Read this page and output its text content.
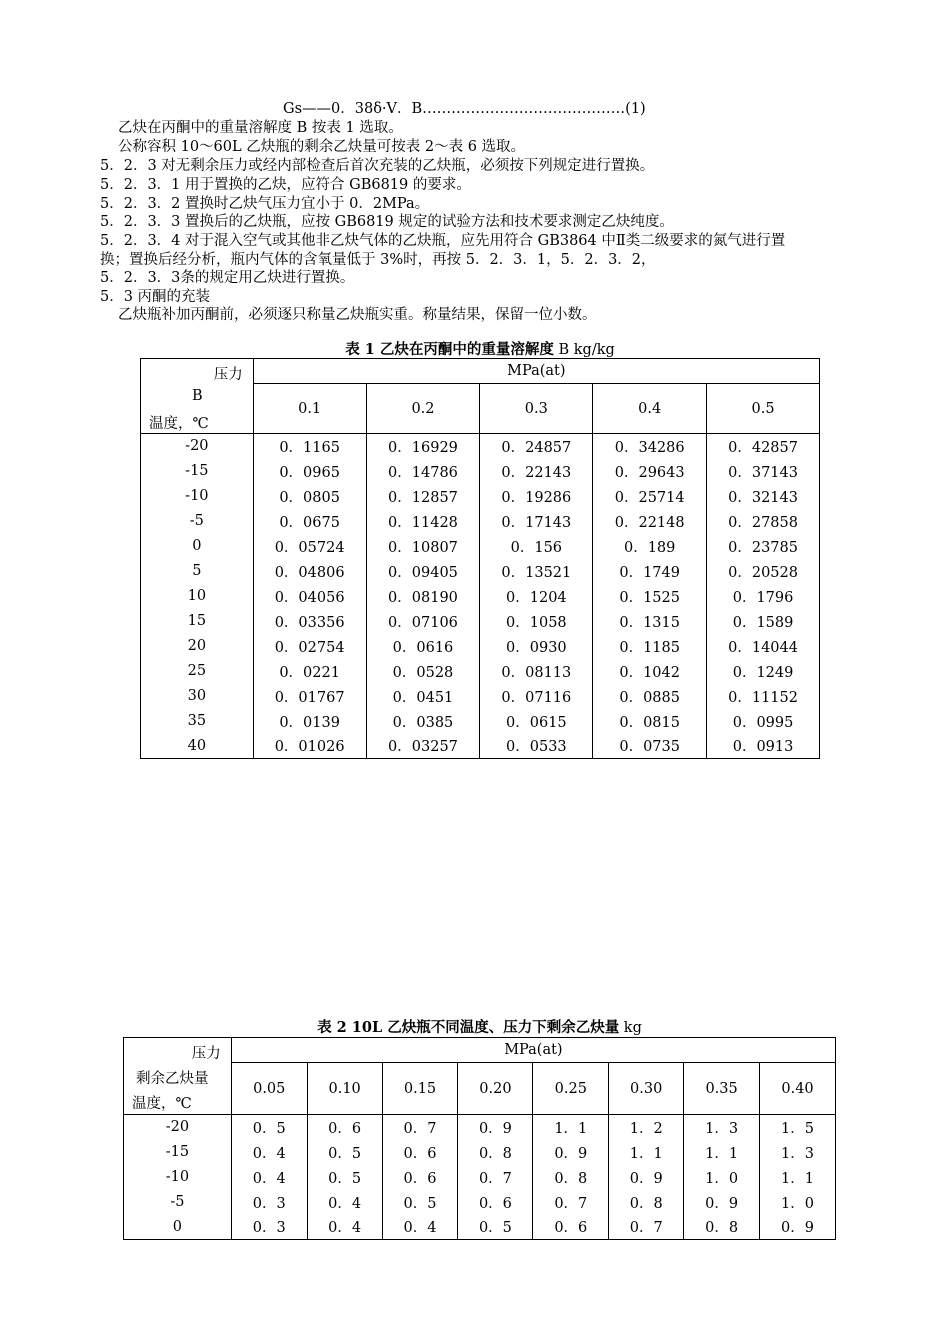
Gs——0．38δ·V．B……………………………………(1)
乙炔在丙酮中的重量溶解度 B 按表 1 选取。
公称容积 10～60L 乙炔瓶的剩余乙炔量可按表 2～表 6 选取。
5．2．3 对无剩余压力或经内部检查后首次充装的乙炔瓶，必须按下列规定进行置换。
5．2．3．1 用于置换的乙炔，应符合 GB6819 的要求。
5．2．3．2 置换时乙炔气压力宜小于 0．2MPa。
5．2．3．3 置换后的乙炔瓶，应按 GB6819 规定的试验方法和技术要求测定乙炔纯度。
5．2．3．4 对于混入空气或其他非乙炔气体的乙炔瓶，应先用符合 GB3864 中Ⅱ类二级要求的氮气进行置
换；置换后经分析，瓶内气体的含氧量低于 3%时，再按 5．2．3．1，5．2．3．2，
5．2．3．3条的规定用乙炔进行置换。
5．3 丙酮的充装
乙炔瓶补加丙酮前，必须逐只称量乙炔瓶实重。称量结果，保留一位小数。
表 1 乙炔在丙酮中的重量溶解度 B kg/kg
压力
B
温度，℃	MPa(at)				
	0.1	0.2	0.3	0.4	0.5
-20	0．1165	0．16929	0．24857	0．34286	0．42857
-15	0．0965	0．14786	0．22143	0．29643	0．37143
-10	0．0805	0．12857	0．19286	0．25714	0．32143
-5	0．0675	0．11428	0．17143	0．22148	0．27858
0	0．05724	0．10807	0．156	0．189	0．23785
5	0．04806	0．09405	0．13521	0．1749	0．20528
10	0．04056	0．08190	0．1204	0．1525	0．1796
15	0．03356	0．07106	0．1058	0．1315	0．1589
20	0．02754	0．0616	0．0930	0．1185	0．14044
25	0．0221	0．0528	0．08113	0．1042	0．1249
30	0．01767	0．0451	0．07116	0．0885	0．11152
35	0．0139	0．0385	0．0615	0．0815	0．0995
40	0．01026	0．03257	0．0533	0．0735	0．0913
表 2 10L 乙炔瓶不同温度、压力下剩余乙炔量 kg
压力
剩余乙炔量
温度，℃	MPa(at)							
	0.05	0.10	0.15	0.20	0.25	0.30	0.35	0.40
-20	0．5	0．6	0．7	0．9	1．1	1．2	1．3	1．5
-15	0．4	0．5	0．6	0．8	0．9	1．1	1．1	1．3
-10	0．4	0．5	0．6	0．7	0．8	0．9	1．0	1．1
-5	0．3	0．4	0．5	0．6	0．7	0．8	0．9	1．0
0	0．3	0．4	0．4	0．5	0．6	0．7	0．8	0．9
